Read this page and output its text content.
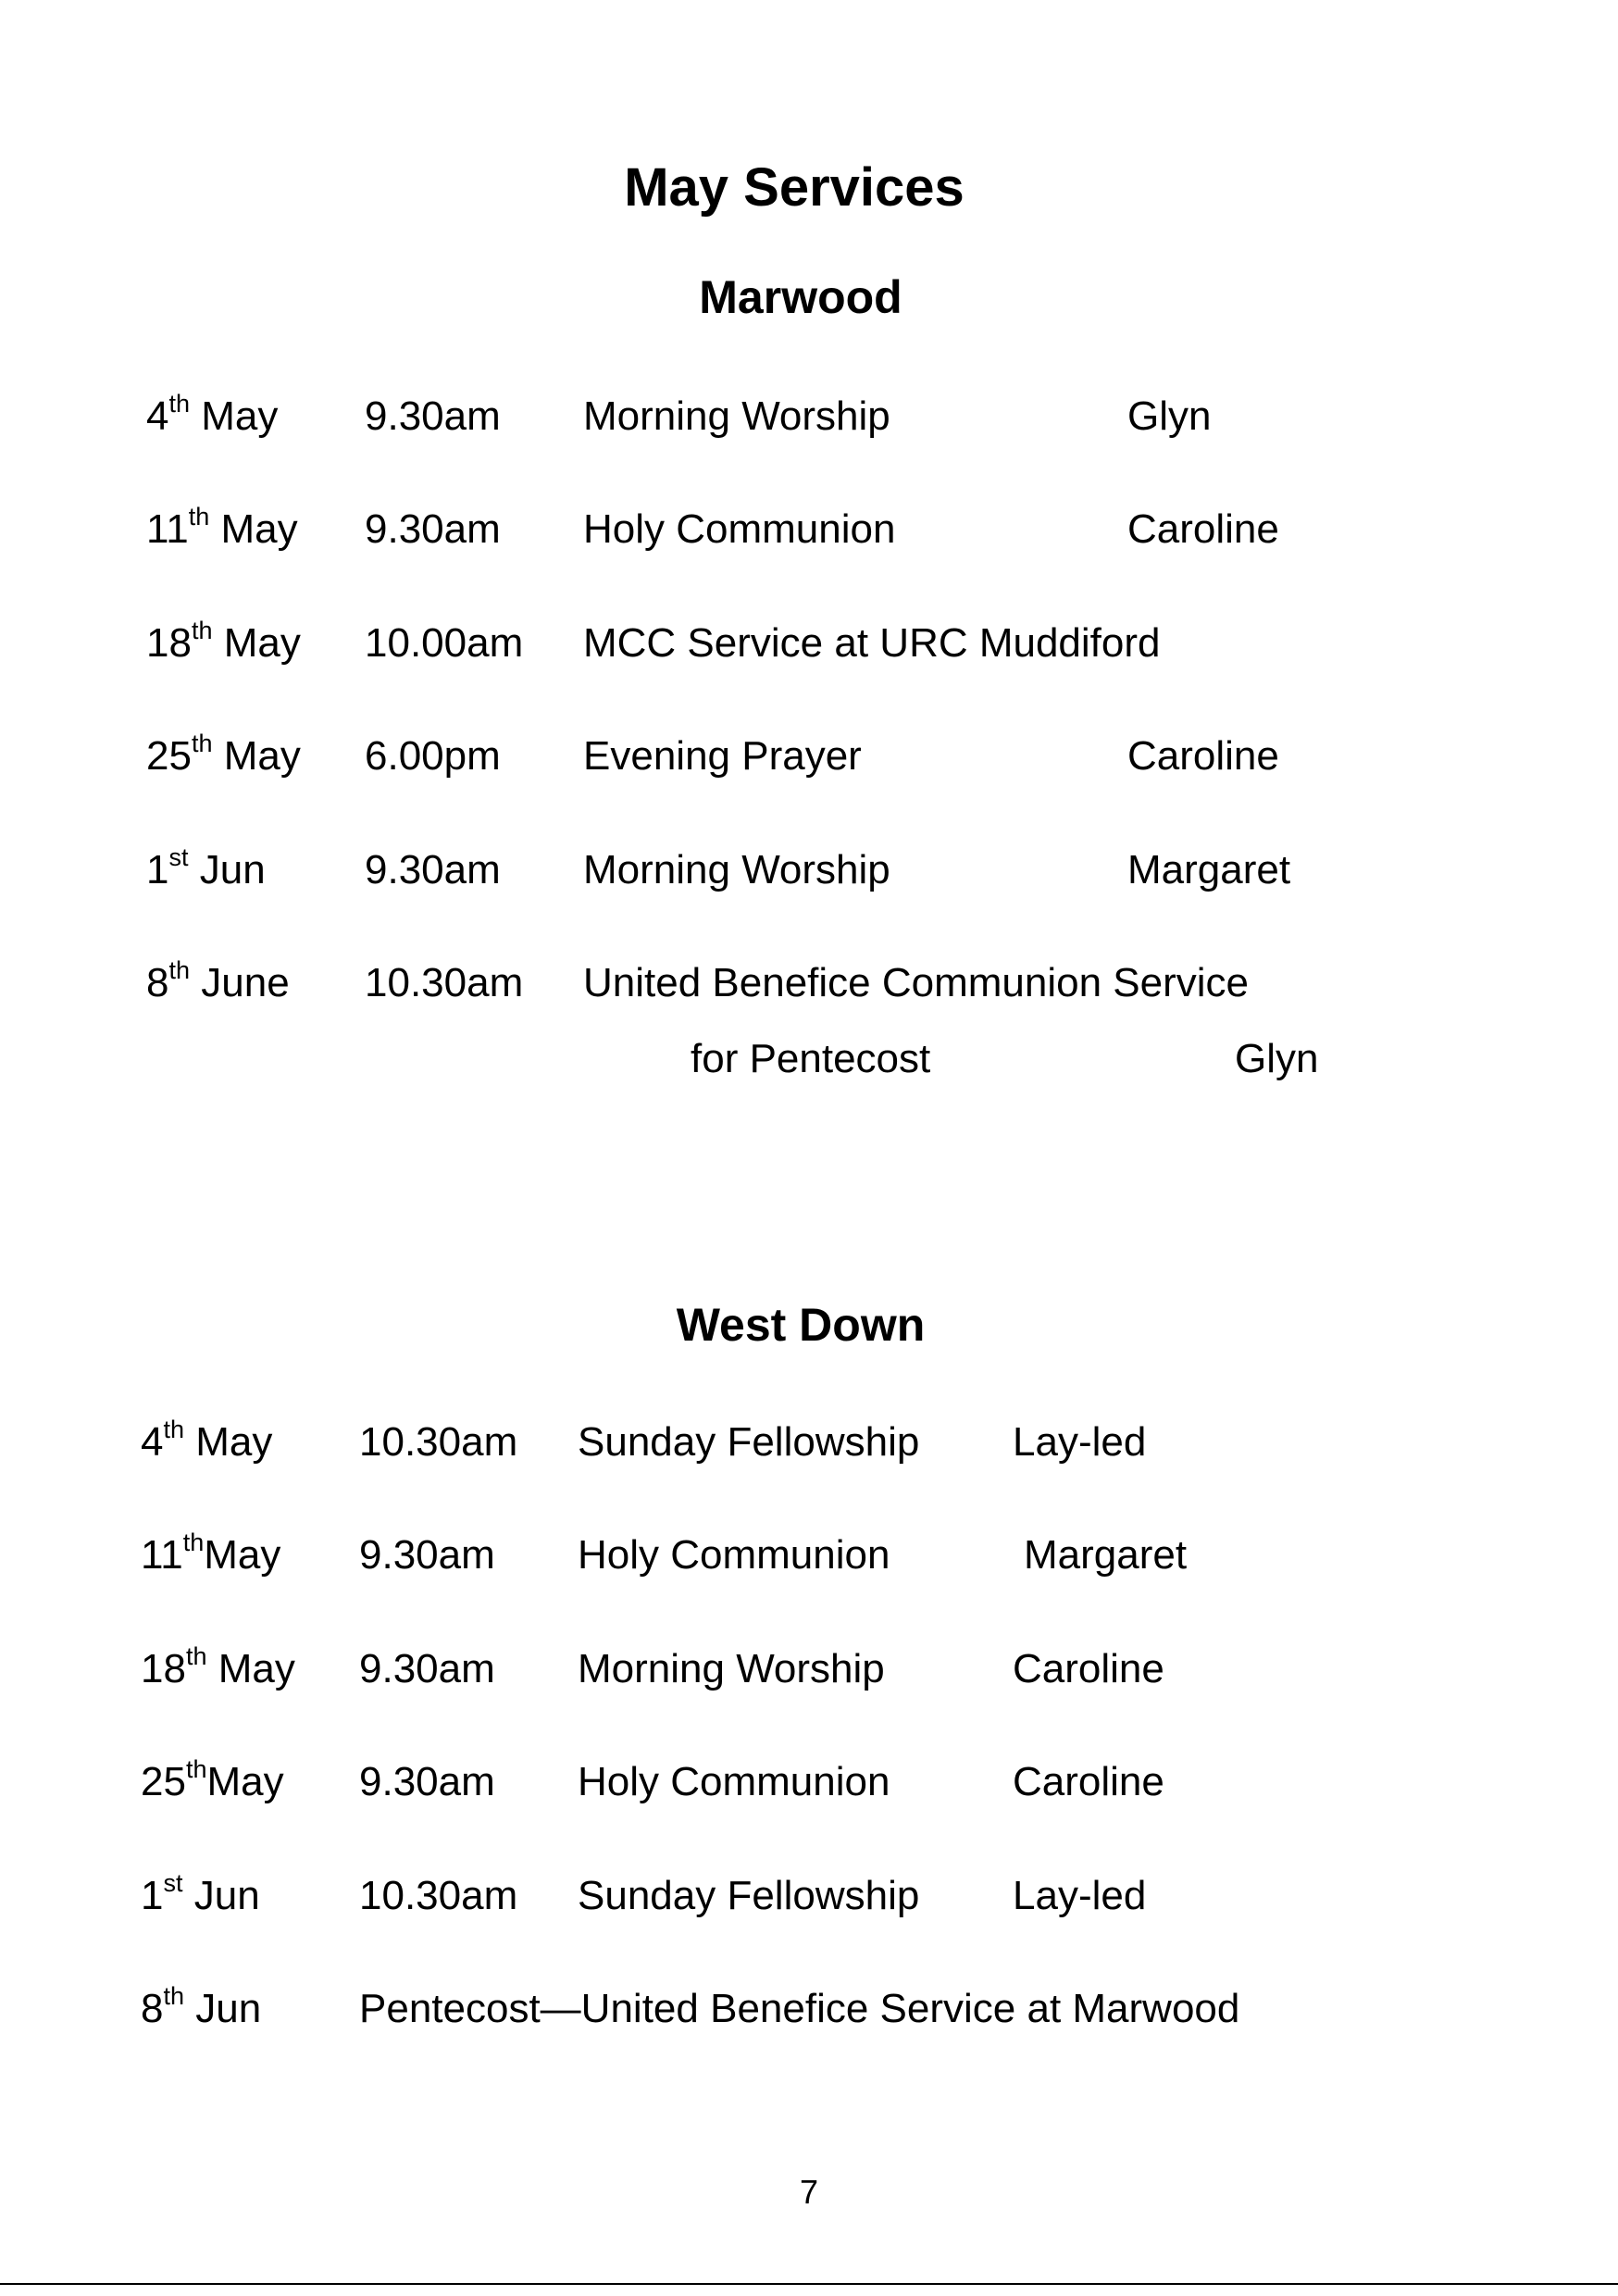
May Services
Marwood
4th May 9.30am Morning Worship	Glyn
11th May 9.30am Holy Communion	Caroline
18th May 10.00am MCC Service at URC Muddiford
25th May 6.00pm Evening Prayer	Caroline
1st Jun 9.30am Morning Worship	Margaret
8th June 10.30am United Benefice Communion Service
for Pentecost	Glyn
West Down
4th May 10.30am Sunday Fellowship Lay-led
11thMay 9.30am Holy Communion	Margaret
18th May 9.30am Morning Worship	Caroline
25thMay 9.30am Holy Communion	Caroline
1st Jun 10.30am Sunday Fellowship Lay-led
8th Jun Pentecost—United Benefice Service at Marwood
7
